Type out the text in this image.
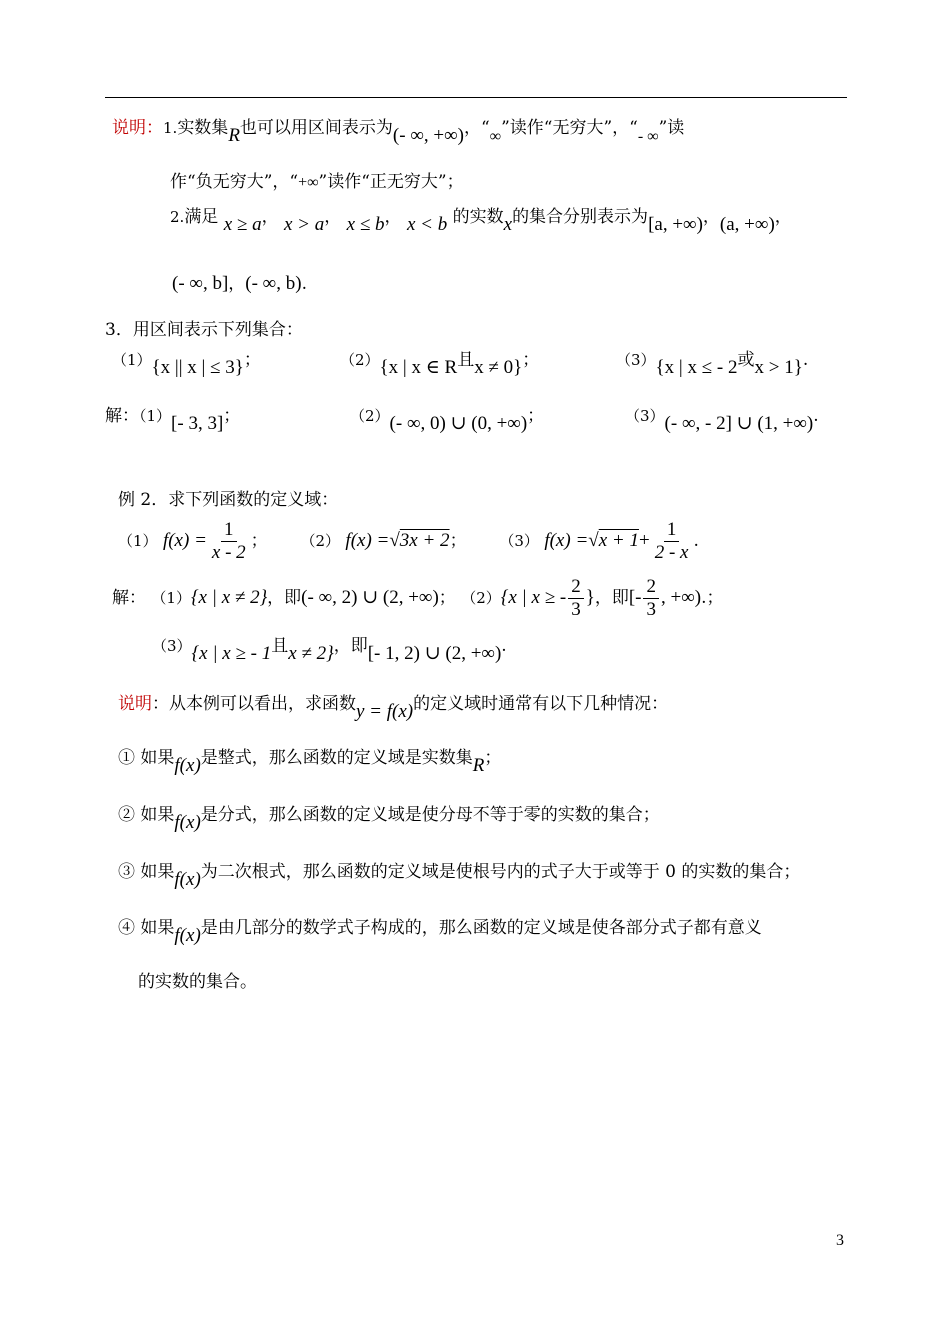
说明：1.实数集R也可以用区间表示为(- ∞, +∞)，“∞”读作“无穷大”，“- ∞”读
作“负无穷大”，“+∞”读作“正无穷大”；
2.满足 x ≥ a， x > a， x ≤ b， x < b 的实数x的集合分别表示为[a, +∞)，(a, +∞)，
(- ∞, b]，(- ∞, b).
3．用区间表示下列集合：
（1）{x || x | ≤ 3}；	（2）{x | x ∈ R且x ≠ 0}；	（3）{x | x ≤ - 2或x > 1}.
解：（1）[- 3, 3]；	（2）(- ∞, 0) ∪ (0, +∞)；	（3）(- ∞, - 2] ∪ (1, +∞).
例 2．求下列函数的定义域：
（1） $f(x) = \frac{1}{x - 2}$ ； （2） f(x) =√3x + 2； （3） $f(x) =√x + 1+ \frac{1}{2 - x}$ .
解： （1）{x | x ≠ 2}，即(- ∞, 2) ∪ (2, +∞)； （2）{x | x ≥ - $\frac{2}{3}$ }，即[- $\frac{2}{3}$ , +∞).；
（3）{x | x ≥ - 1且x ≠ 2}，即[- 1, 2) ∪ (2, +∞).
说明：从本例可以看出，求函数y = f(x)的定义域时通常有以下几种情况：
① 如果f(x)是整式，那么函数的定义域是实数集R；
② 如果f(x)是分式，那么函数的定义域是使分母不等于零的实数的集合；
③ 如果f(x)为二次根式，那么函数的定义域是使根号内的式子大于或等于 0 的实数的集合；
④ 如果f(x)是由几部分的数学式子构成的，那么函数的定义域是使各部分式子都有意义
的实数的集合。
3
